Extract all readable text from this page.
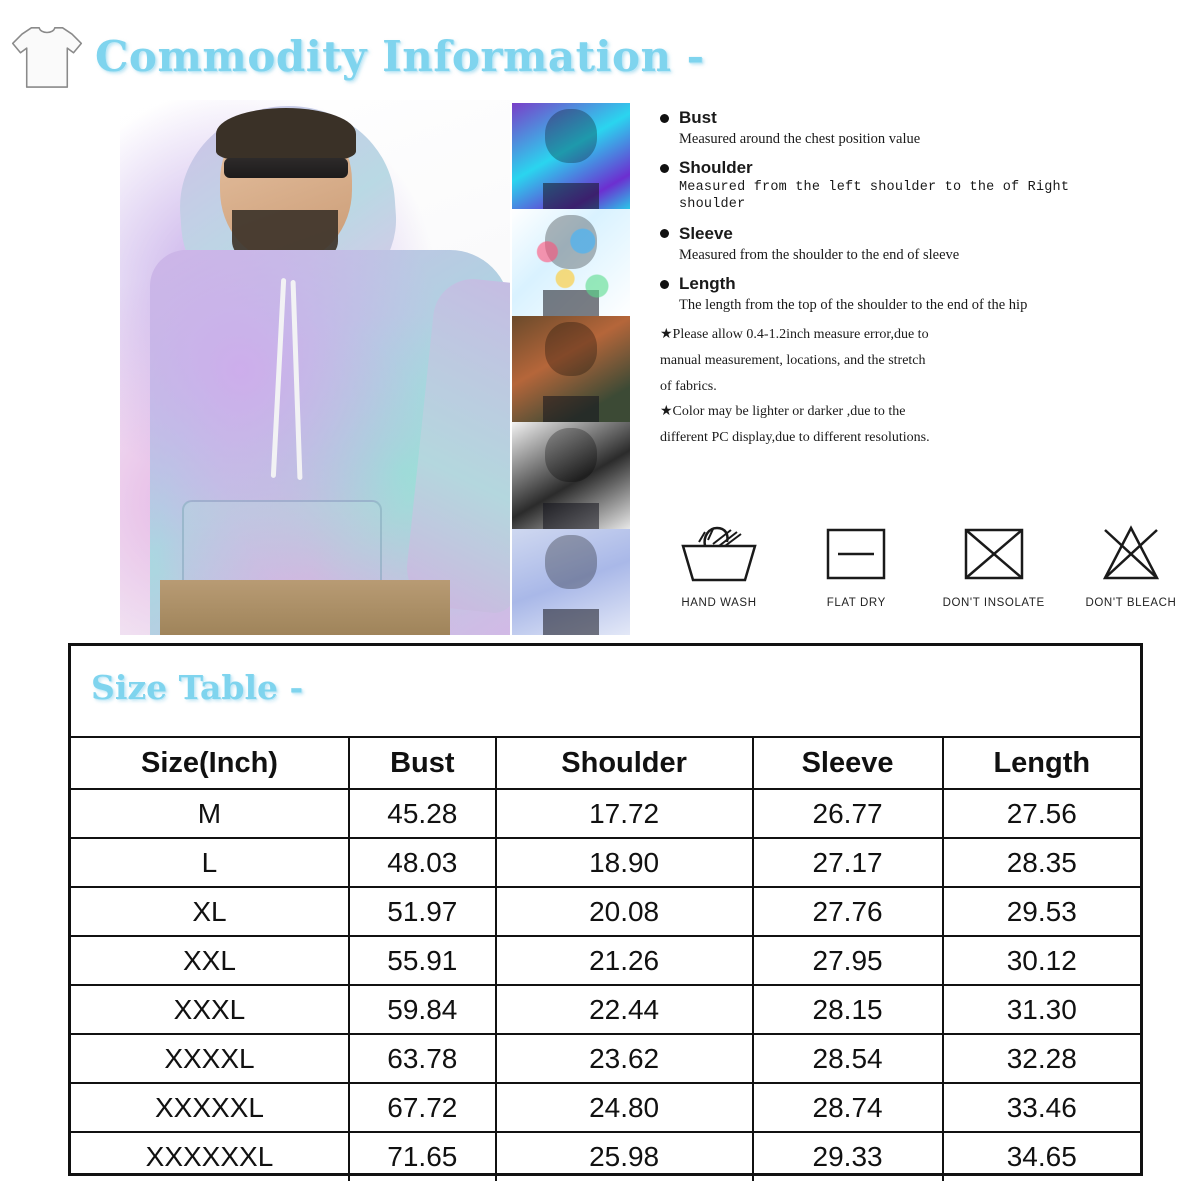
Commodity Information -
Bust
Measured around the chest position value
Shoulder
Measured from the left shoulder to the of Right shoulder
Sleeve
Measured from the shoulder to the end of sleeve
Length
The length from the top of the shoulder to the end of the hip
★Please allow 0.4-1.2inch measure error,due to
manual measurement, locations, and the stretch
of fabrics.
★Color may be lighter or darker ,due to the
different PC display,due to different resolutions.
HAND WASH	FLAT DRY	DON'T INSOLATE	DON'T BLEACH
Size Table -
Size(Inch)	Bust	Shoulder	Sleeve	Length
M	45.28	17.72	26.77	27.56
L	48.03	18.90	27.17	28.35
XL	51.97	20.08	27.76	29.53
XXL	55.91	21.26	27.95	30.12
XXXL	59.84	22.44	28.15	31.30
XXXXL	63.78	23.62	28.54	32.28
XXXXXL	67.72	24.80	28.74	33.46
XXXXXXL	71.65	25.98	29.33	34.65
